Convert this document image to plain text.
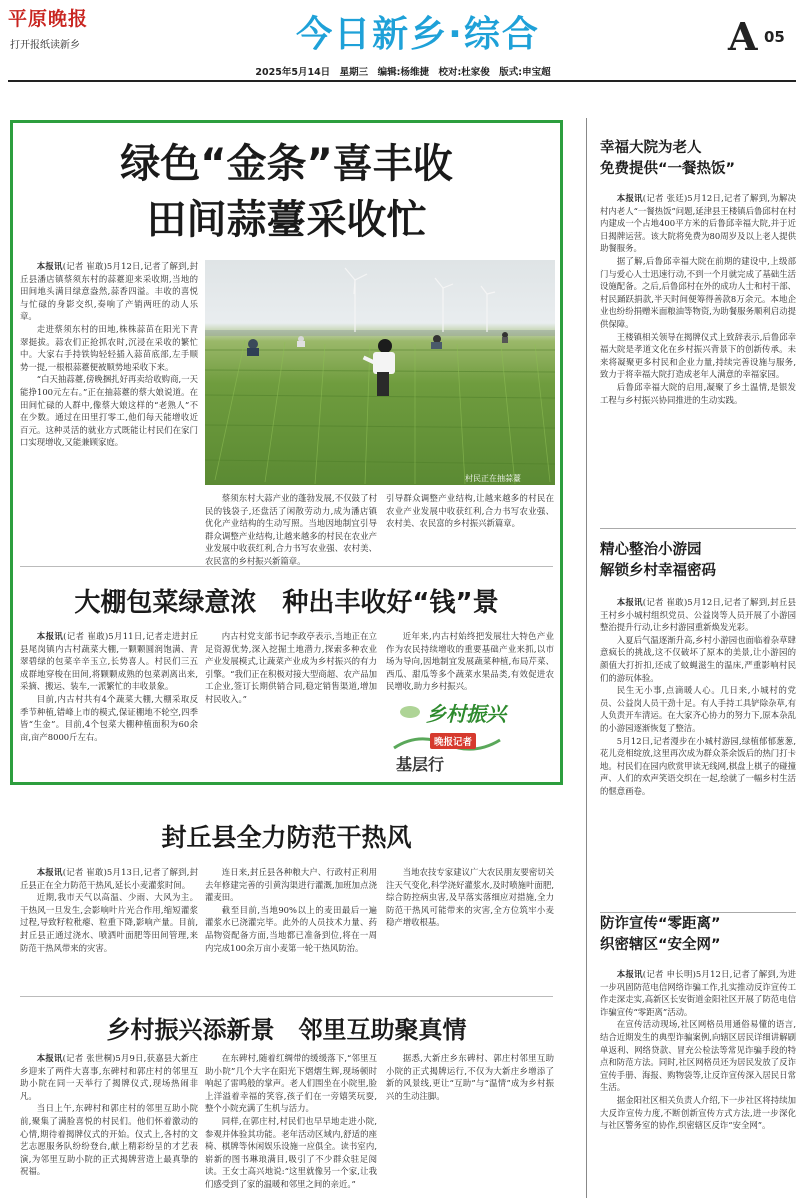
平原晚报
打开报纸读新乡	今日新乡·综合	A 05
2025年5月14日　星期三　编辑:杨维捷　校对:杜家俊　版式:申宝超
绿色“金条”喜丰收
田间蒜薹采收忙

本报讯(记者 崔敢)5月12日,记者了解到,封丘县潘店镇蔡须东村的蒜薹迎来采收期,当地的田间地头满目绿意盎然,蒜香四溢。丰收的喜悦与忙碌的身影交织,奏响了产销两旺的动人乐章。

走进蔡须东村的田地,株株蒜苗在阳光下青翠挺拔。蒜农们正抢抓农时,沉浸在采收的繁忙中。大家右手持铁钩轻轻插入蒜苗底部,左手顺势一提,一根根蒜薹便被顺势地采收下来。

“白天抽蒜薹,傍晚捆扎好再卖给收购商,一天能挣100元左右。”正在抽蒜薹的蔡大娘说道。在田间忙碌的人群中,像蔡大娘这样的“老熟人”不在少数。通过在田里打零工,他们每天能增收近百元。这种灵活的就业方式既能让村民们在家门口实现增收,又能兼顾家庭。

村民正在抽蒜薹

蔡须东村大蒜产业的蓬勃发展,不仅鼓了村民的钱袋子,还盘活了闲散劳动力,成为潘店镇优化产业结构的生动写照。当地因地制宜引导群众调整产业结构,让越来越多的村民在农业产业发展中收获红利,合力书写农业强、农村美、农民富的乡村振兴新篇章。

引导群众调整产业结构,让越来越多的村民在农业产业发展中收获红利,合力书写农业强、农村美、农民富的乡村振兴新篇章。

大棚包菜绿意浓　种出丰收好“钱”景

本报讯(记者 崔敢)5月11日,记者走进封丘县尾岗镇内古村蔬菜大棚,一颗颗圆润饱满、青翠碧绿的包菜辛辛玉立,长势喜人。村民们三五成群地穿梭在田间,将颗颗成熟的包菜剥离出来,采摘、搬运、装车,一派繁忙的丰收景象。

目前,内古村共有4个蔬菜大棚,大棚采取反季节种植,错峰上市的模式,保证棚地不轮空,四季皆“生金”。目前,4个包菜大棚种植面积为60余亩,亩产8000斤左右。

内古村党支部书记李政亭表示,当地正在立足资源优势,深入挖掘土地潜力,探索多种农业产业发展模式,让蔬菜产业成为乡村振兴的有力引擎。“我们正在积极对接大型商超、农产品加工企业,签订长期供销合同,稳定销售渠道,增加村民收入。”

近年来,内古村始终把发展壮大特色产业作为农民持续增收的重要基础产业来抓,以市场为导向,因地制宜发展蔬菜种植,布局芹菜、西瓜、甜瓜等多个蔬菜水果品类,有效促进农民增收,助力乡村振兴。

乡村振兴
晚报记者
基层行
封丘县全力防范干热风

本报讯(记者 崔敢)5月13日,记者了解到,封丘县正在全力防范干热风,延长小麦灌浆时间。

近期,我市天气以高温、少雨、大风为主。干热风一旦发生,会影响叶片光合作用,缩短灌浆过程,导致籽粒秕瘪、粒重下降,影响产量。目前,封丘县正通过浇水、喷洒叶面肥等田间管理,来防范干热风带来的灾害。

连日来,封丘县各种粮大户、行政村正利用去年修建完善的引黄沟渠进行灌溉,加班加点浇灌麦田。

截至目前,当地90%以上的麦田最后一遍灌浆水已浇灌完毕。此外的人员技术力量、药品物资配备方面,当地都已准备到位,将在一周内完成100余万亩小麦第一轮干热风防治。

当地农技专家建议广大农民朋友要密切关注天气变化,科学浇好灌浆水,及时喷施叶面肥,综合防控病虫害,及早落实落细应对措施,全力防范干热风可能带来的灾害,全方位筑牢小麦稳产增收根基。

乡村振兴添新景　邻里互助聚真情

本报讯(记者 张世桐)5月9日,获嘉县大新庄乡迎来了两件大喜事,东碑村和郭庄村的邻里互助小院在同一天举行了揭牌仪式,现场热闹非凡。

当日上午,东碑村和郭庄村的邻里互助小院前,聚集了满脸喜悦的村民们。他们怀着激动的心情,期待着揭牌仪式的开始。仪式上,各村的文艺志愿服务队纷纷登台,献上精彩纷呈的才艺表演,为邻里互助小院的正式揭牌营造上最真挚的祝福。

在东碑村,随着红绸带的缓缓落下,“邻里互助小院”几个大字在阳光下熠熠生辉,现场顿时响起了雷鸣般的掌声。老人们围坐在小院里,脸上洋溢着幸福的笑容,孩子们在一旁嬉笑玩耍,整个小院充满了生机与活力。

同样,在郭庄村,村民们也早早地走进小院,参观并体验其功能。老年活动区域内,舒适的座椅、棋牌等休闲娱乐设施一应俱全。读书室内,崭新的图书琳琅满目,吸引了不少群众驻足阅读。王女士高兴地说:“这里就像另一个家,让我们感受到了家的温暖和邻里之间的亲近。”

据悉,大新庄乡东碑村、郭庄村邻里互助小院的正式揭牌运行,不仅为大新庄乡增添了新的风景线,更让“互助”与“温情”成为乡村振兴的生动注脚。

幸福大院为老人
免费提供“一餐热饭”

本报讯(记者 张廷)5月12日,记者了解到,为解决村内老人“一餐热饭”问题,延津县王楼镇后鲁邱村在村内建成一个占地400平方米的后鲁邱幸福大院,并于近日揭牌运营。该大院将免费为80周岁及以上老人提供助餐服务。

据了解,后鲁邱幸福大院在前期的建设中,上级部门与爱心人士迅速行动,不到一个月就完成了基础生活设施配备。之后,后鲁邱村在外的成功人士和村干部、村民踊跃捐款,半天时间便筹得善款8万余元。本地企业也纷纷捐赠米面粮油等物资,为助餐服务顺利启动提供保障。

王楼镇相关领导在揭牌仪式上致辞表示,后鲁邱幸福大院是孝道文化在乡村振兴背景下的创新传承。未来将凝聚更多村民和企业力量,持续完善设施与服务,致力于将幸福大院打造成老年人满意的幸福家园。

后鲁邱幸福大院的启用,凝聚了乡土温情,是银发工程与乡村振兴协同推进的生动实践。

精心整治小游园
解锁乡村幸福密码

本报讯(记者 崔敢)5月12日,记者了解到,封丘县王村乡小城村组织党员、公益岗等人员开展了小游园整治提升行动,让乡村游园重新焕发光彩。

入夏后气温逐渐升高,乡村小游园也面临着杂草肆意疯长的挑战,这不仅破坏了原本的美景,让小游园的颜值大打折扣,还成了蚊蝇滋生的温床,严重影响村民们的游玩体验。

民生无小事,点滴暖人心。几日来,小城村的党员、公益岗人员干劲十足。有人手持工具铲除杂草,有人负责开车清运。在大家齐心协力的努力下,原本杂乱的小游园逐渐恢复了整洁。

5月12日,记者漫步在小城村游园,绿植郁郁葱葱,花儿竞相绽放,这里再次成为群众茶余饭后的热门打卡地。村民们在园内欣赏甲读无线网,棋盘上棋子的碰撞声、人们的欢声笑语交织在一起,绘就了一幅乡村生活的惬意画卷。

防诈宣传“零距离”
织密辖区“安全网”

本报讯(记者 申长明)5月12日,记者了解到,为进一步巩固防范电信网络诈骗工作,扎实推动反诈宣传工作走深走实,高新区长安街道金阳社区开展了防范电信诈骗宣传“零距离”活动。

在宣传活动现场,社区网格员用通俗易懂的语言,结合近期发生的典型诈骗案例,向辖区居民详细讲解刷单返利、网络贷款、冒充公检法等常见诈骗手段的特点和防范方法。同时,社区网格员还为居民发放了反诈宣传手册、海报、购物袋等,让反诈宣传深入居民日常生活。

据金阳社区相关负责人介绍,下一步社区将持续加大反诈宣传力度,不断创新宣传方式方法,进一步深化与社区警务室的协作,织密辖区反诈“安全网”。
